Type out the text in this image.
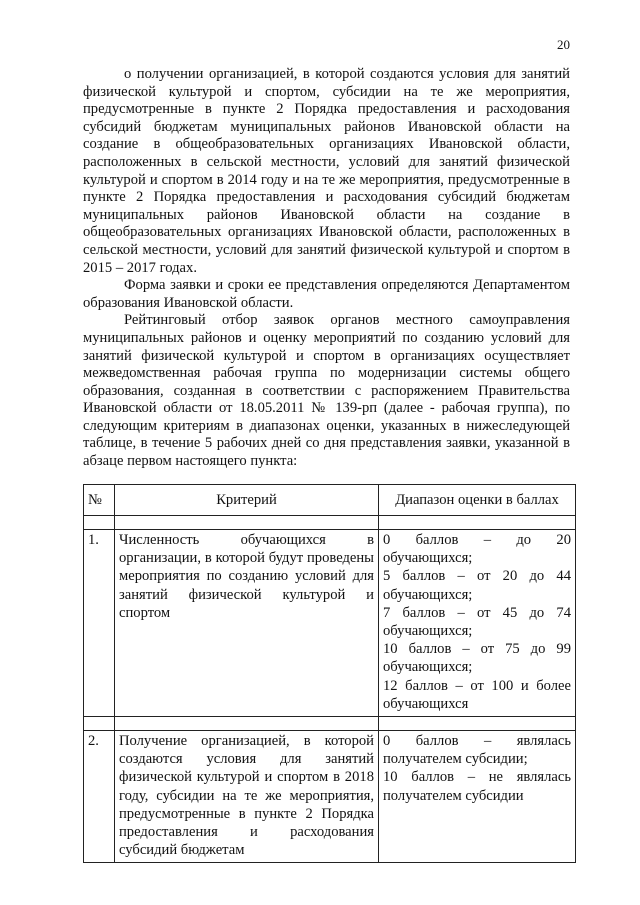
20

о получении организацией, в которой создаются условия для занятий физической культурой и спортом, субсидии на те же мероприятия, предусмотренные в пункте 2 Порядка предоставления и расходования субсидий бюджетам муниципальных районов Ивановской области на создание в общеобразовательных организациях Ивановской области, расположенных в сельской местности, условий для занятий физической культурой и спортом в 2014 году и на те же мероприятия, предусмотренные в пункте 2 Порядка предоставления и расходования субсидий бюджетам муниципальных районов Ивановской области на создание в общеобразовательных организациях Ивановской области, расположенных в сельской местности, условий для занятий физической культурой и спортом в 2015 – 2017 годах.

Форма заявки и сроки ее представления определяются Департаментом образования Ивановской области.

Рейтинговый отбор заявок органов местного самоуправления муниципальных районов и оценку мероприятий по созданию условий для занятий физической культурой и спортом в организациях осуществляет межведомственная рабочая группа по модернизации системы общего образования, созданная в соответствии с распоряжением Правительства Ивановской области от 18.05.2011 № 139-рп (далее - рабочая группа), по следующим критериям в диапазонах оценки, указанных в нижеследующей таблице, в течение 5 рабочих дней со дня представления заявки, указанной в абзаце первом настоящего пункта:

№	Критерий	Диапазон оценки в баллах

1.	Численность обучающихся в организации, в которой будут проведены мероприятия по созданию условий для занятий физической культурой и спортом	0 баллов – до 20 обучающихся;
5 баллов – от 20 до 44 обучающихся;
7 баллов – от 45 до 74 обучающихся;
10 баллов – от 75 до 99 обучающихся;
12 баллов – от 100 и более обучающихся

2.	Получение организацией, в которой создаются условия для занятий физической культурой и спортом в 2018 году, субсидии на те же мероприятия, предусмотренные в пункте 2 Порядка предоставления и расходования субсидий бюджетам	0 баллов – являлась получателем субсидии;
10 баллов – не являлась получателем субсидии
